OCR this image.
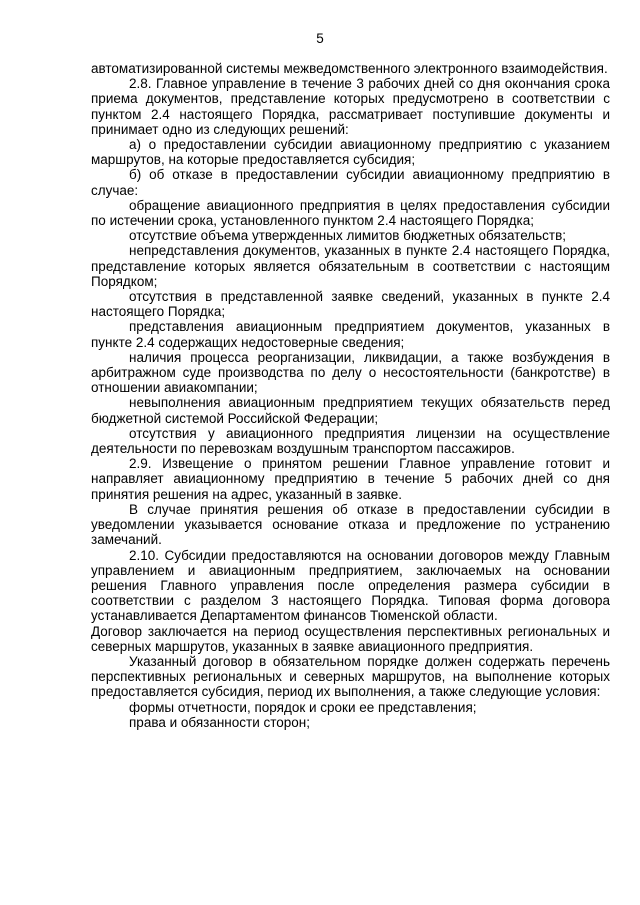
5

автоматизированной системы межведомственного электронного взаимодействия.

2.8. Главное управление в течение 3 рабочих дней со дня окончания срока приема документов, представление которых предусмотрено в соответствии с пунктом 2.4 настоящего Порядка, рассматривает поступившие документы и принимает одно из следующих решений:

а) о предоставлении субсидии авиационному предприятию с указанием маршрутов, на которые предоставляется субсидия;

б) об отказе в предоставлении субсидии авиационному предприятию в случае:

обращение авиационного предприятия в целях предоставления субсидии по истечении срока, установленного пунктом 2.4 настоящего Порядка;

отсутствие объема утвержденных лимитов бюджетных обязательств;

непредставления документов, указанных в пункте 2.4 настоящего Порядка, представление которых является обязательным в соответствии с настоящим Порядком;

отсутствия в представленной заявке сведений, указанных в пункте 2.4 настоящего Порядка;

представления авиационным предприятием документов, указанных в пункте 2.4 содержащих недостоверные сведения;

наличия процесса реорганизации, ликвидации, а также возбуждения в арбитражном суде производства по делу о несостоятельности (банкротстве) в отношении авиакомпании;

невыполнения авиационным предприятием текущих обязательств перед бюджетной системой Российской Федерации;

отсутствия у авиационного предприятия лицензии на осуществление деятельности по перевозкам воздушным транспортом пассажиров.

2.9. Извещение о принятом решении Главное управление готовит и направляет авиационному предприятию в течение 5 рабочих дней со дня принятия решения на адрес, указанный в заявке.

В случае принятия решения об отказе в предоставлении субсидии в уведомлении указывается основание отказа и предложение по устранению замечаний.

2.10. Субсидии предоставляются на основании договоров между Главным управлением и авиационным предприятием, заключаемых на основании решения Главного управления после определения размера субсидии в соответствии с разделом 3 настоящего Порядка. Типовая форма договора устанавливается Департаментом финансов Тюменской области.

Договор заключается на период осуществления перспективных региональных и северных маршрутов, указанных в заявке авиационного предприятия.

Указанный договор в обязательном порядке должен содержать перечень перспективных региональных и северных маршрутов, на выполнение которых предоставляется субсидия, период их выполнения, а также следующие условия:

формы отчетности, порядок и сроки ее представления;

права и обязанности сторон;
